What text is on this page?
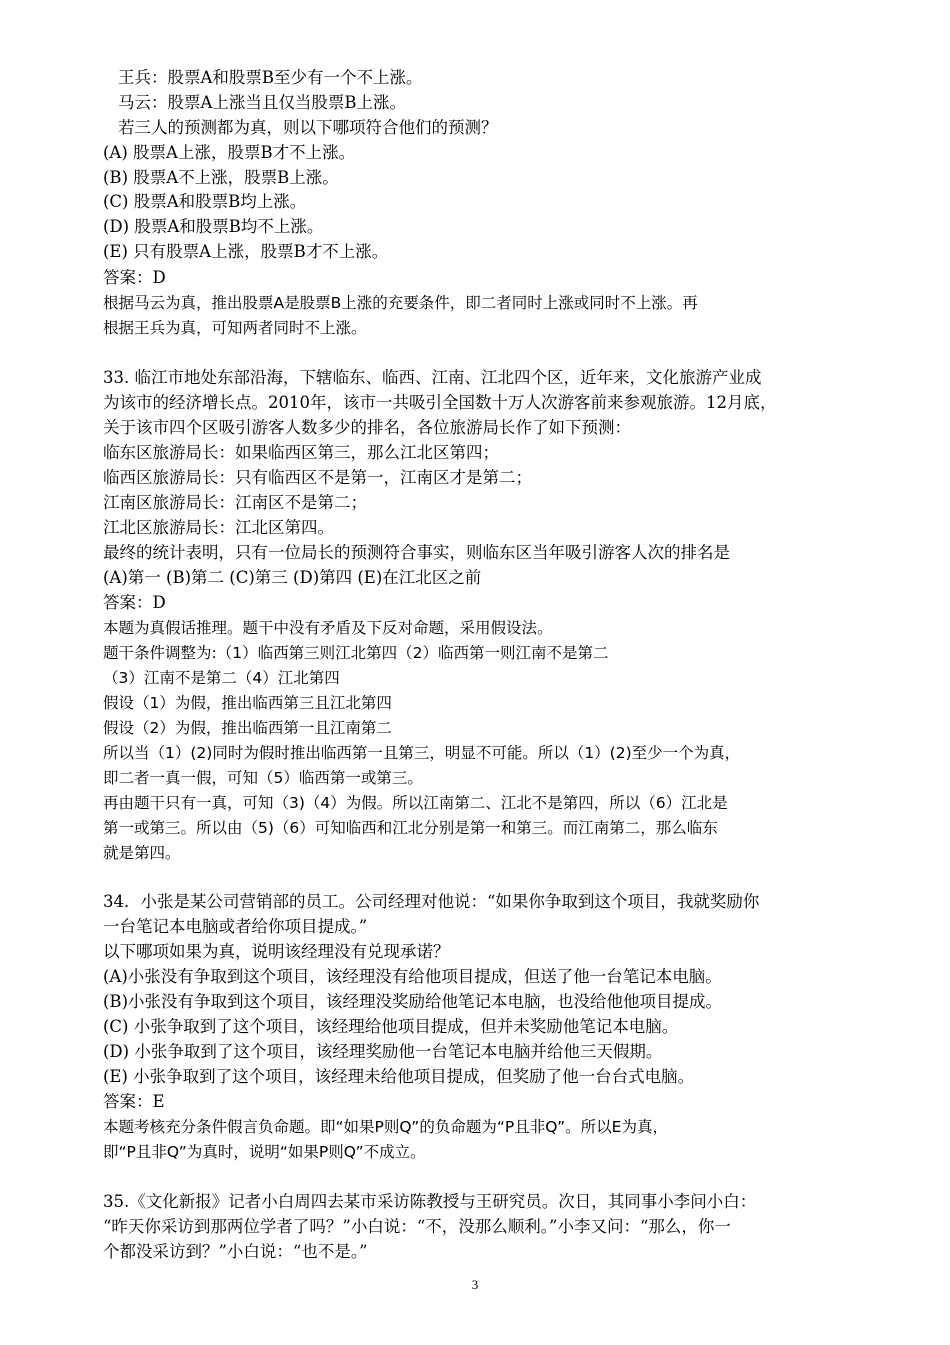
王兵：股票A和股票B至少有一个不上涨。
马云：股票A上涨当且仅当股票B上涨。
若三人的预测都为真，则以下哪项符合他们的预测？
(A) 股票A上涨，股票B才不上涨。
(B) 股票A不上涨，股票B上涨。
(C) 股票A和股票B均上涨。
(D) 股票A和股票B均不上涨。
(E) 只有股票A上涨，股票B才不上涨。
答案：D
根据马云为真，推出股票A是股票B上涨的充要条件，即二者同时上涨或同时不上涨。再
根据王兵为真，可知两者同时不上涨。
33. 临江市地处东部沿海，下辖临东、临西、江南、江北四个区，近年来，文化旅游产业成
为该市的经济增长点。2010年，该市一共吸引全国数十万人次游客前来参观旅游。12月底，
关于该市四个区吸引游客人数多少的排名，各位旅游局长作了如下预测：
临东区旅游局长：如果临西区第三，那么江北区第四；
临西区旅游局长：只有临西区不是第一，江南区才是第二；
江南区旅游局长：江南区不是第二；
江北区旅游局长：江北区第四。
最终的统计表明，只有一位局长的预测符合事实，则临东区当年吸引游客人次的排名是
(A)第一 (B)第二 (C)第三 (D)第四 (E)在江北区之前
答案：D
本题为真假话推理。题干中没有矛盾及下反对命题，采用假设法。
题干条件调整为:（1）临西第三则江北第四（2）临西第一则江南不是第二
（3）江南不是第二（4）江北第四
假设（1）为假，推出临西第三且江北第四
假设（2）为假，推出临西第一且江南第二
所以当（1）(2)同时为假时推出临西第一且第三，明显不可能。所以（1）(2)至少一个为真，
即二者一真一假，可知（5）临西第一或第三。
再由题干只有一真，可知（3)（4）为假。所以江南第二、江北不是第四，所以（6）江北是
第一或第三。所以由（5)（6）可知临西和江北分别是第一和第三。而江南第二，那么临东
就是第四。
34．小张是某公司营销部的员工。公司经理对他说：“如果你争取到这个项目，我就奖励你
一台笔记本电脑或者给你项目提成。”
以下哪项如果为真，说明该经理没有兑现承诺？
(A)小张没有争取到这个项目，该经理没有给他项目提成，但送了他一台笔记本电脑。
(B)小张没有争取到这个项目，该经理没奖励给他笔记本电脑，也没给他他项目提成。
(C) 小张争取到了这个项目，该经理给他项目提成，但并未奖励他笔记本电脑。
(D) 小张争取到了这个项目，该经理奖励他一台笔记本电脑并给他三天假期。
(E) 小张争取到了这个项目，该经理未给他项目提成，但奖励了他一台台式电脑。
答案：E
本题考核充分条件假言负命题。即“如果P则Q”的负命题为“P且非Q”。所以E为真，
即“P且非Q”为真时，说明“如果P则Q”不成立。
35.《文化新报》记者小白周四去某市采访陈教授与王研究员。次日，其同事小李问小白：
“昨天你采访到那两位学者了吗？”小白说：“不，没那么顺利。”小李又问：“那么，你一
个都没采访到？”小白说：“也不是。”
3
